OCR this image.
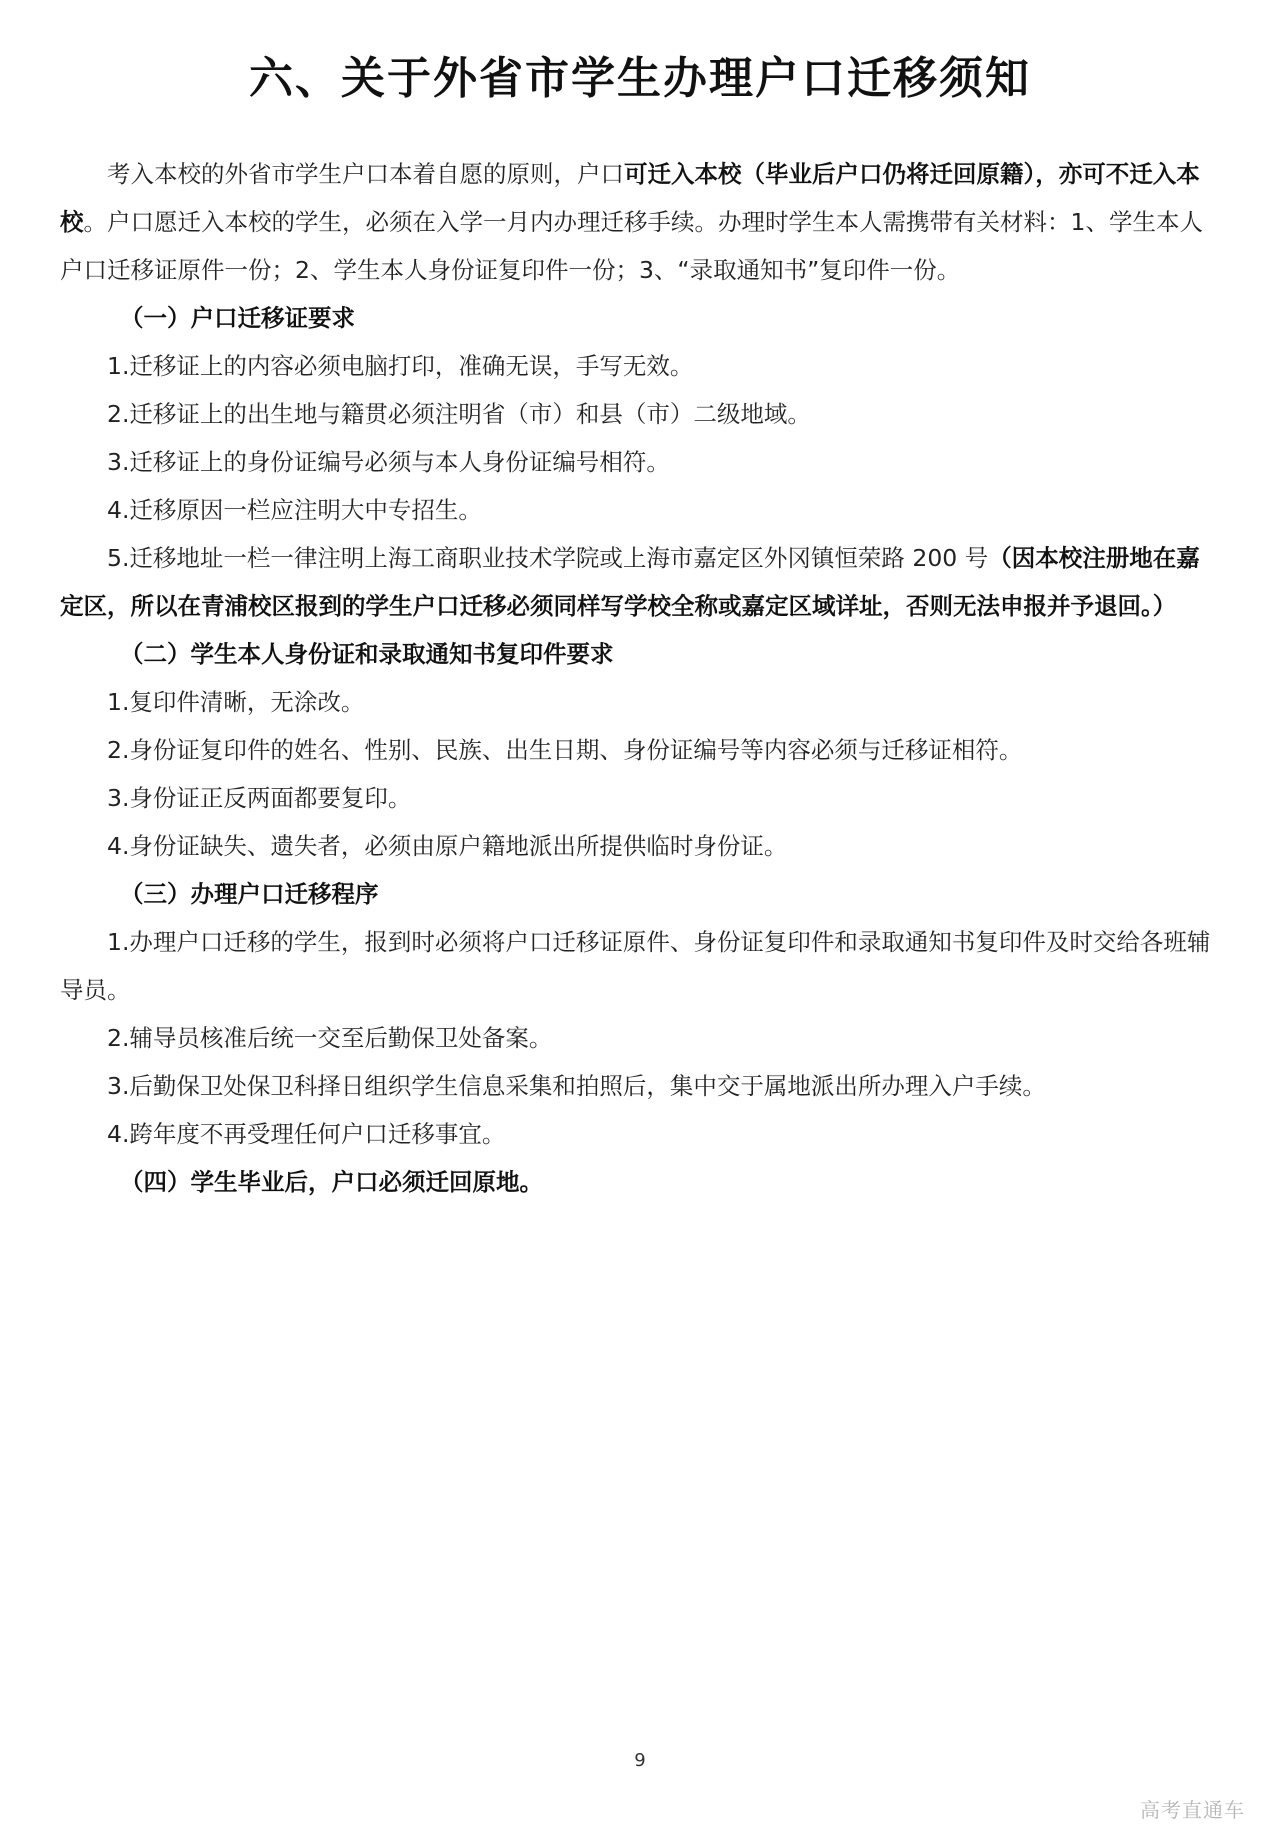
六、关于外省市学生办理户口迁移须知

考入本校的外省市学生户口本着自愿的原则，户口可迁入本校（毕业后户口仍将迁回原籍），亦可不迁入本校。户口愿迁入本校的学生，必须在入学一月内办理迁移手续。办理时学生本人需携带有关材料：1、学生本人户口迁移证原件一份；2、学生本人身份证复印件一份；3、“录取通知书”复印件一份。

（一）户口迁移证要求

1.迁移证上的内容必须电脑打印，准确无误，手写无效。

2.迁移证上的出生地与籍贯必须注明省（市）和县（市）二级地域。

3.迁移证上的身份证编号必须与本人身份证编号相符。

4.迁移原因一栏应注明大中专招生。

5.迁移地址一栏一律注明上海工商职业技术学院或上海市嘉定区外冈镇恒荣路 200 号（因本校注册地在嘉定区，所以在青浦校区报到的学生户口迁移必须同样写学校全称或嘉定区域详址，否则无法申报并予退回。）

（二）学生本人身份证和录取通知书复印件要求

1.复印件清晰，无涂改。

2.身份证复印件的姓名、性别、民族、出生日期、身份证编号等内容必须与迁移证相符。

3.身份证正反两面都要复印。

4.身份证缺失、遗失者，必须由原户籍地派出所提供临时身份证。

（三）办理户口迁移程序

1.办理户口迁移的学生，报到时必须将户口迁移证原件、身份证复印件和录取通知书复印件及时交给各班辅导员。

2.辅导员核准后统一交至后勤保卫处备案。

3.后勤保卫处保卫科择日组织学生信息采集和拍照后，集中交于属地派出所办理入户手续。

4.跨年度不再受理任何户口迁移事宜。

（四）学生毕业后，户口必须迁回原地。

9
高考直通车
